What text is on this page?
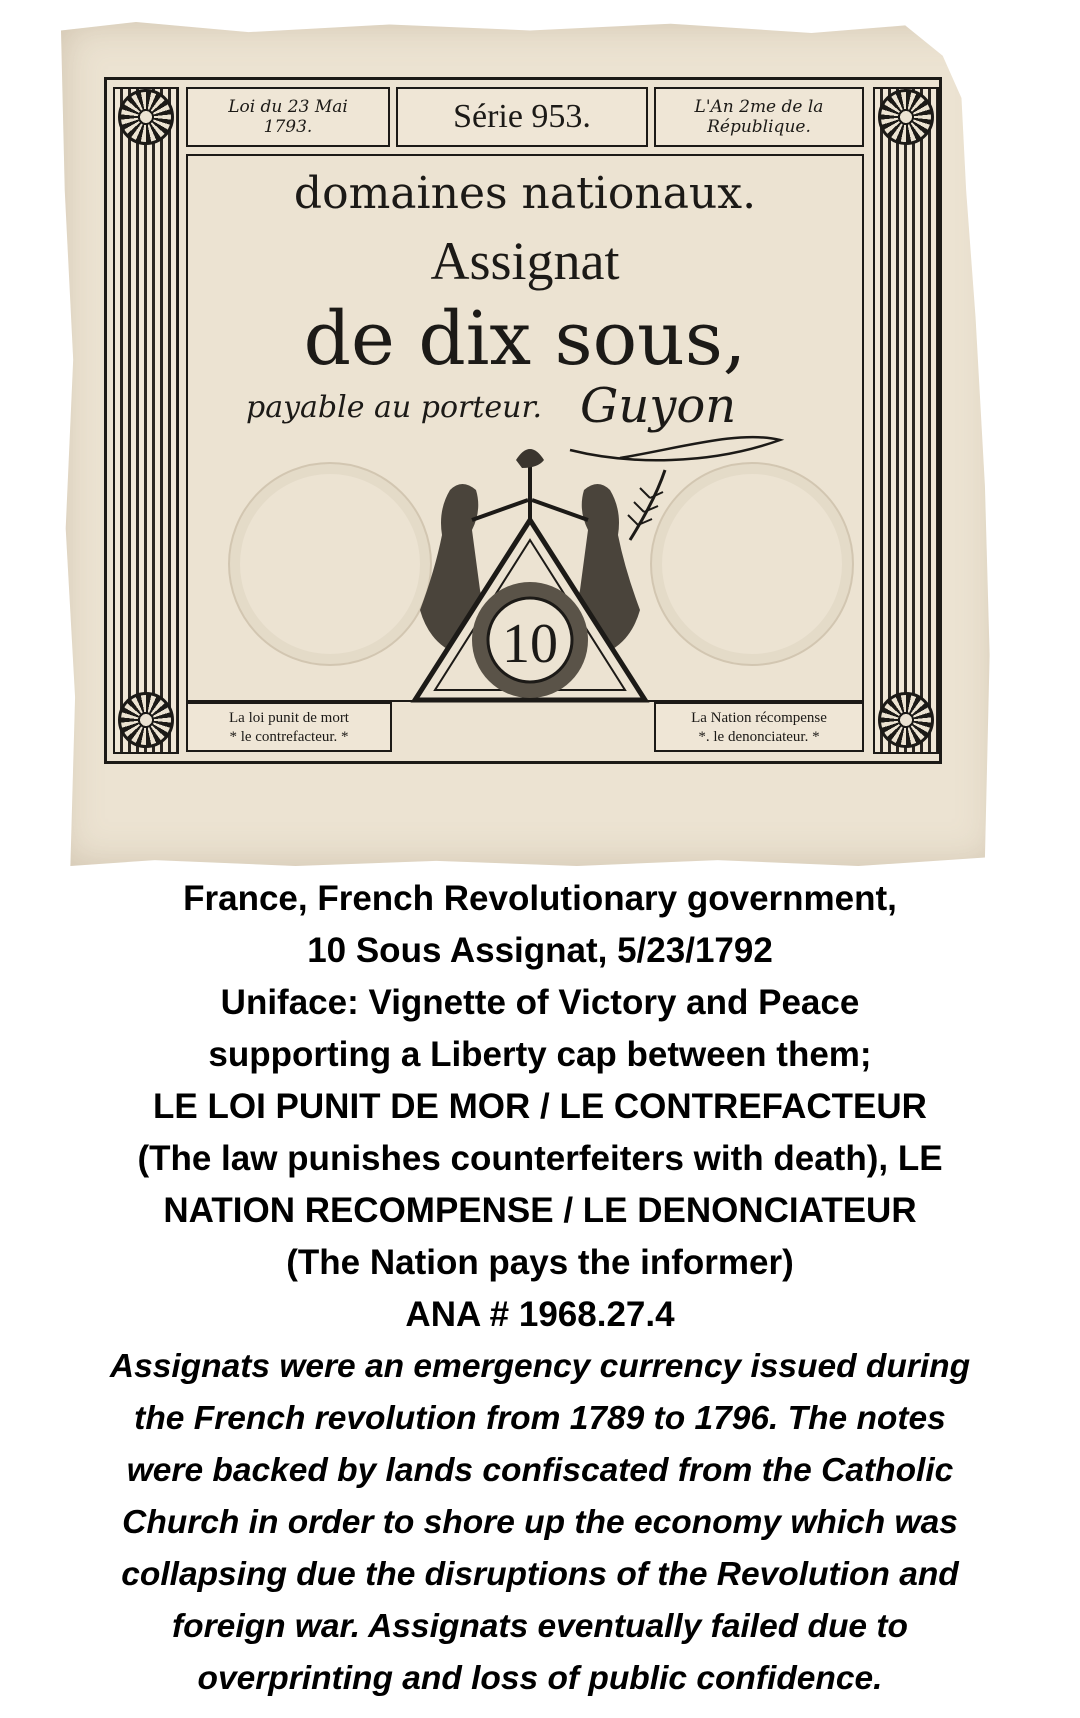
Loi du 23 Mai
1793.	Série 953.	L'An 2me de la
République.
domaines nationaux.
Assignat
de dix sous,
payable au porteur. Guyon
10
La loi punit de mort
* le contrefacteur. *
La Nation récompense
*. le denonciateur. *

France, French Revolutionary government,

10 Sous Assignat, 5/23/1792

Uniface: Vignette of Victory and Peace

supporting a Liberty cap between them;

LE LOI PUNIT DE MOR / LE CONTREFACTEUR

(The law punishes counterfeiters with death), LE

NATION RECOMPENSE / LE DENONCIATEUR

(The Nation pays the informer)

ANA # 1968.27.4

Assignats were an emergency currency issued during

the French revolution from 1789 to 1796. The notes

were backed by lands confiscated from the Catholic

Church in order to shore up the economy which was

collapsing due the disruptions of the Revolution and

foreign war. Assignats eventually failed due to

overprinting and loss of public confidence.
